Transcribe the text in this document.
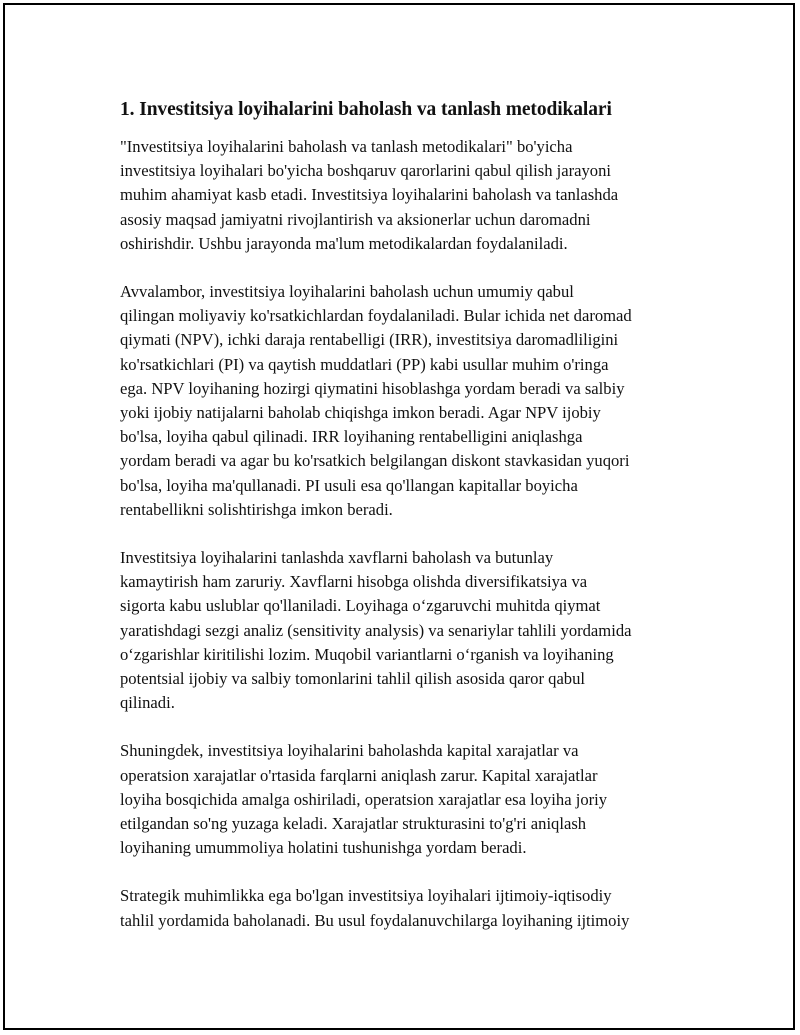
1. Investitsiya loyihalarini baholash va tanlash metodikalari

"Investitsiya loyihalarini baholash va tanlash metodikalari" bo'yicha
investitsiya loyihalari bo'yicha boshqaruv qarorlarini qabul qilish jarayoni
muhim ahamiyat kasb etadi. Investitsiya loyihalarini baholash va tanlashda
asosiy maqsad jamiyatni rivojlantirish va aksionerlar uchun daromadni
oshirishdir. Ushbu jarayonda ma'lum metodikalardan foydalaniladi.

Avvalambor, investitsiya loyihalarini baholash uchun umumiy qabul
qilingan moliyaviy ko'rsatkichlardan foydalaniladi. Bular ichida net daromad
qiymati (NPV), ichki daraja rentabelligi (IRR), investitsiya daromadliligini
ko'rsatkichlari (PI) va qaytish muddatlari (PP) kabi usullar muhim o'ringa
ega. NPV loyihaning hozirgi qiymatini hisoblashga yordam beradi va salbiy
yoki ijobiy natijalarni baholab chiqishga imkon beradi. Agar NPV ijobiy
bo'lsa, loyiha qabul qilinadi. IRR loyihaning rentabelligini aniqlashga
yordam beradi va agar bu ko'rsatkich belgilangan diskont stavkasidan yuqori
bo'lsa, loyiha ma'qullanadi. PI usuli esa qo'llangan kapitallar boyicha
rentabellikni solishtirishga imkon beradi.

Investitsiya loyihalarini tanlashda xavflarni baholash va butunlay
kamaytirish ham zaruriy. Xavflarni hisobga olishda diversifikatsiya va
sigorta kabu uslublar qo'llaniladi. Loyihaga oʻzgaruvchi muhitda qiymat
yaratishdagi sezgi analiz (sensitivity analysis) va senariylar tahlili yordamida
oʻzgarishlar kiritilishi lozim. Muqobil variantlarni oʻrganish va loyihaning
potentsial ijobiy va salbiy tomonlarini tahlil qilish asosida qaror qabul
qilinadi.

Shuningdek, investitsiya loyihalarini baholashda kapital xarajatlar va
operatsion xarajatlar o'rtasida farqlarni aniqlash zarur. Kapital xarajatlar
loyiha bosqichida amalga oshiriladi, operatsion xarajatlar esa loyiha joriy
etilgandan so'ng yuzaga keladi. Xarajatlar strukturasini to'g'ri aniqlash
loyihaning umummoliya holatini tushunishga yordam beradi.

Strategik muhimlikka ega bo'lgan investitsiya loyihalari ijtimoiy-iqtisodiy
tahlil yordamida baholanadi. Bu usul foydalanuvchilarga loyihaning ijtimoiy
